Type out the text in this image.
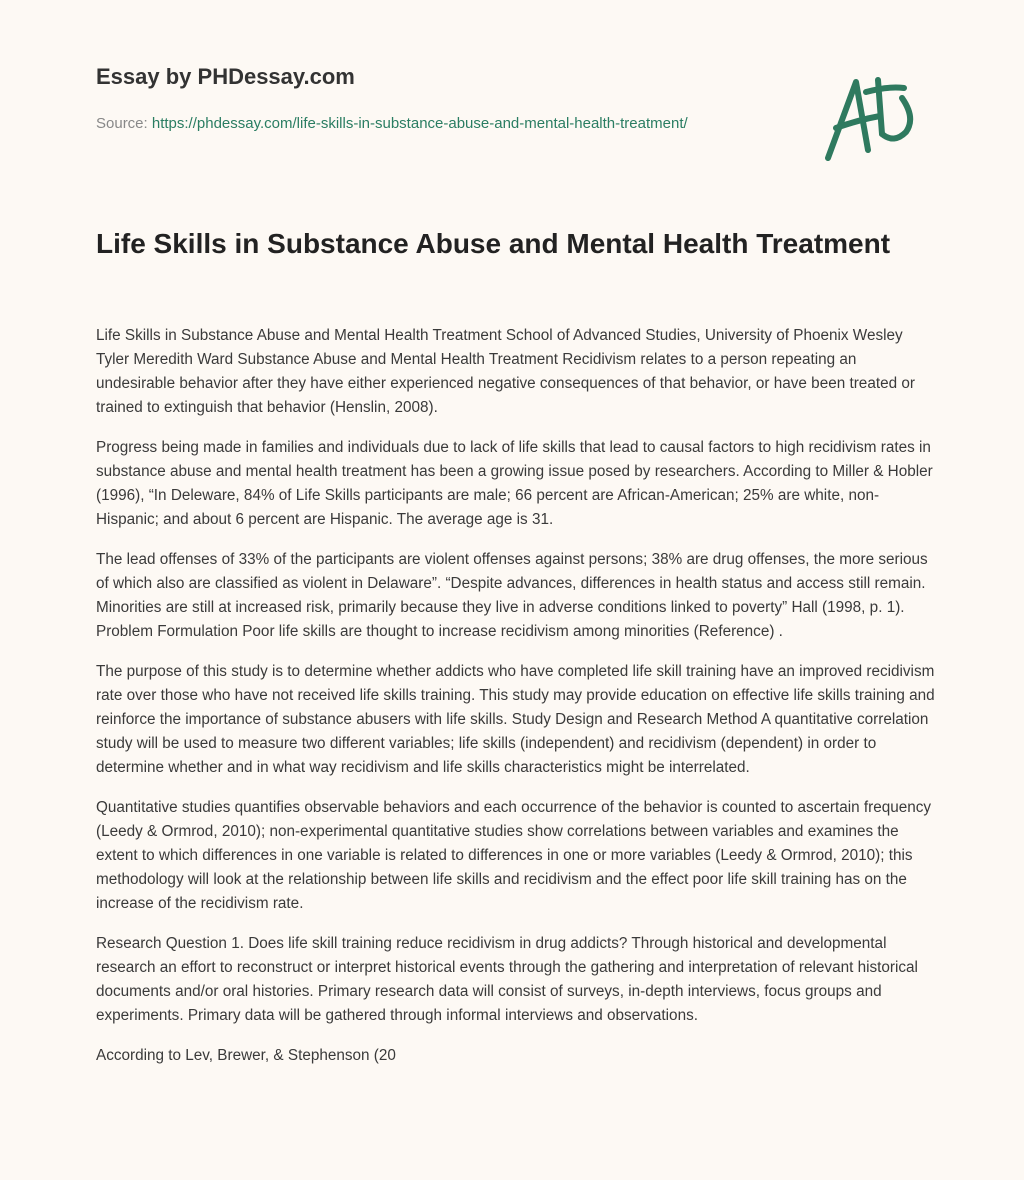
Essay by PHDessay.com
Source: https://phdessay.com/life-skills-in-substance-abuse-and-mental-health-treatment/
Life Skills in Substance Abuse and Mental Health Treatment

Life Skills in Substance Abuse and Mental Health Treatment School of Advanced Studies, University of Phoenix Wesley Tyler Meredith Ward Substance Abuse and Mental Health Treatment Recidivism relates to a person repeating an undesirable behavior after they have either experienced negative consequences of that behavior, or have been treated or trained to extinguish that behavior (Henslin, 2008).

Progress being made in families and individuals due to lack of life skills that lead to causal factors to high recidivism rates in substance abuse and mental health treatment has been a growing issue posed by researchers. According to Miller & Hobler (1996), “In Deleware, 84% of Life Skills participants are male; 66 percent are African-American; 25% are white, non-Hispanic; and about 6 percent are Hispanic. The average age is 31.

The lead offenses of 33% of the participants are violent offenses against persons; 38% are drug offenses, the more serious of which also are classified as violent in Delaware”. “Despite advances, differences in health status and access still remain. Minorities are still at increased risk, primarily because they live in adverse conditions linked to poverty” Hall (1998, p. 1). Problem Formulation Poor life skills are thought to increase recidivism among minorities (Reference) .

The purpose of this study is to determine whether addicts who have completed life skill training have an improved recidivism rate over those who have not received life skills training. This study may provide education on effective life skills training and reinforce the importance of substance abusers with life skills. Study Design and Research Method A quantitative correlation study will be used to measure two different variables; life skills (independent) and recidivism (dependent) in order to determine whether and in what way recidivism and life skills characteristics might be interrelated.

Quantitative studies quantifies observable behaviors and each occurrence of the behavior is counted to ascertain frequency (Leedy & Ormrod, 2010); non-experimental quantitative studies show correlations between variables and examines the extent to which differences in one variable is related to differences in one or more variables (Leedy & Ormrod, 2010); this methodology will look at the relationship between life skills and recidivism and the effect poor life skill training has on the increase of the recidivism rate.

Research Question 1. Does life skill training reduce recidivism in drug addicts? Through historical and developmental research an effort to reconstruct or interpret historical events through the gathering and interpretation of relevant historical documents and/or oral histories. Primary research data will consist of surveys, in-depth interviews, focus groups and experiments. Primary data will be gathered through informal interviews and observations.

According to Lev, Brewer, & Stephenson (20
